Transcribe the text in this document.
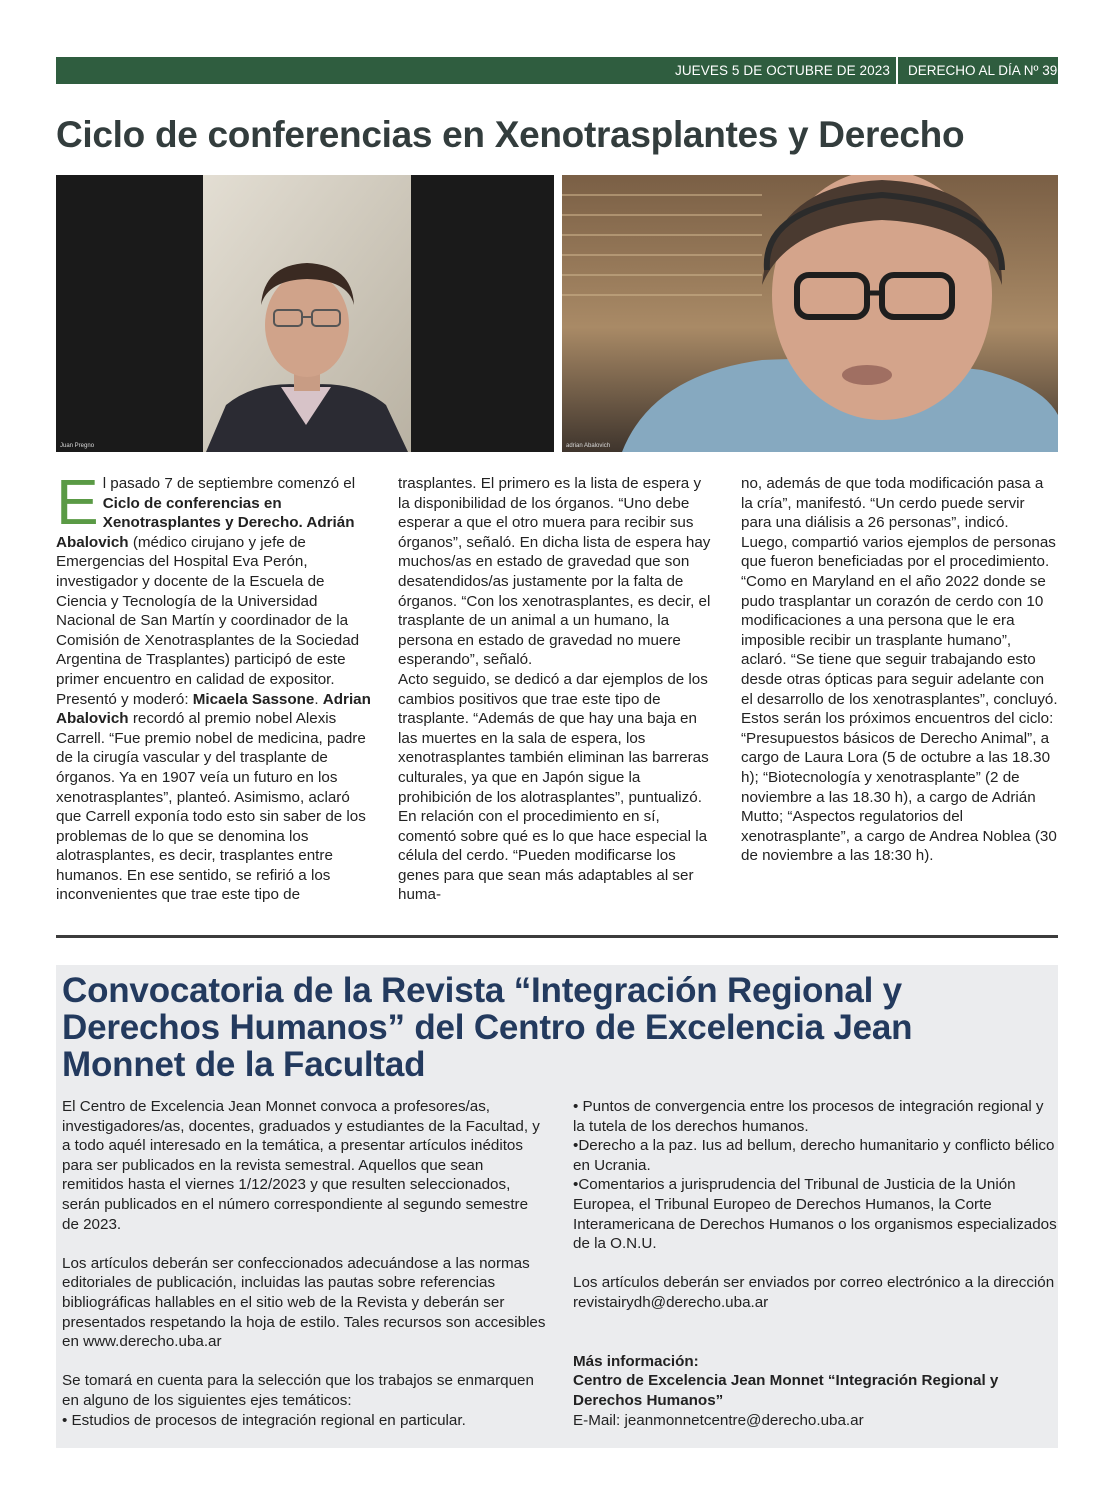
JUEVES 5 DE OCTUBRE DE 2023 DERECHO AL DÍA Nº 396	17
Ciclo de conferencias en Xenotrasplantes y Derecho
Juan Pregno	adrian Abalovich

El pasado 7 de septiembre comenzó el Ciclo de conferencias en Xenotrasplantes y Derecho. Adrián Abalovich (médico cirujano y jefe de Emergencias del Hospital Eva Perón, investigador y docente de la Escuela de Ciencia y Tecnología de la Universidad Nacional de San Martín y coordinador de la Comisión de Xenotrasplantes de la Sociedad Argentina de Trasplantes) participó de este primer encuentro en calidad de expositor. Presentó y moderó: Micaela Sassone. Adrian Abalovich recordó al premio nobel Alexis Carrell. “Fue premio nobel de medicina, padre de la cirugía vascular y del trasplante de órganos. Ya en 1907 veía un futuro en los xenotrasplantes”, planteó. Asimismo, aclaró que Carrell exponía todo esto sin saber de los problemas de lo que se denomina los alotrasplantes, es decir, trasplantes entre humanos. En ese sentido, se refirió a los inconvenientes que trae este tipo de

trasplantes. El primero es la lista de espera y la disponibilidad de los órganos. “Uno debe esperar a que el otro muera para recibir sus órganos”, señaló. En dicha lista de espera hay muchos/as en estado de gravedad que son desatendidos/as justamente por la falta de órganos. “Con los xenotrasplantes, es decir, el trasplante de un animal a un humano, la persona en estado de gravedad no muere esperando”, señaló.

Acto seguido, se dedicó a dar ejemplos de los cambios positivos que trae este tipo de trasplante. “Además de que hay una baja en las muertes en la sala de espera, los xenotrasplantes también eliminan las barreras culturales, ya que en Japón sigue la prohibición de los alotrasplantes”, puntualizó. En relación con el procedimiento en sí, comentó sobre qué es lo que hace especial la célula del cerdo. “Pueden modificarse los genes para que sean más adaptables al ser huma-

no, además de que toda modificación pasa a la cría”, manifestó. “Un cerdo puede servir para una diálisis a 26 personas”, indicó. Luego, compartió varios ejemplos de personas que fueron beneficiadas por el procedimiento. “Como en Maryland en el año 2022 donde se pudo trasplantar un corazón de cerdo con 10 modificaciones a una persona que le era imposible recibir un trasplante humano”, aclaró. “Se tiene que seguir trabajando esto desde otras ópticas para seguir adelante con el desarrollo de los xenotrasplantes”, concluyó.

Estos serán los próximos encuentros del ciclo: “Presupuestos básicos de Derecho Animal”, a cargo de Laura Lora (5 de octubre a las 18.30 h); “Biotecnología y xenotrasplante” (2 de noviembre a las 18.30 h), a cargo de Adrián Mutto; “Aspectos regulatorios del xenotrasplante”, a cargo de Andrea Noblea (30 de noviembre a las 18:30 h).

Convocatoria de la Revista “Integración Regional y Derechos Humanos” del Centro de Excelencia Jean Monnet de la Facultad

El Centro de Excelencia Jean Monnet convoca a profesores/as, investigadores/as, docentes, graduados y estudiantes de la Facultad, y a todo aquél interesado en la temática, a presentar artículos inéditos para ser publicados en la revista semestral. Aquellos que sean remitidos hasta el viernes 1/12/2023 y que resulten seleccionados, serán publicados en el número correspondiente al segundo semestre de 2023.

Los artículos deberán ser confeccionados adecuándose a las normas editoriales de publicación, incluidas las pautas sobre referencias bibliográficas hallables en el sitio web de la Revista y deberán ser presentados respetando la hoja de estilo. Tales recursos son accesibles en www.derecho.uba.ar

Se tomará en cuenta para la selección que los trabajos se enmarquen en alguno de los siguientes ejes temáticos:

• Estudios de procesos de integración regional en particular.

• Puntos de convergencia entre los procesos de integración regional y la tutela de los derechos humanos.

•Derecho a la paz. Ius ad bellum, derecho humanitario y conflicto bélico en Ucrania.

•Comentarios a jurisprudencia del Tribunal de Justicia de la Unión Europea, el Tribunal Europeo de Derechos Humanos, la Corte Interamericana de Derechos Humanos o los organismos especializados de la O.N.U.

Los artículos deberán ser enviados por correo electrónico a la dirección revistairydh@derecho.uba.ar

Más información:

Centro de Excelencia Jean Monnet “Integración Regional y Derechos Humanos”

E-Mail: jeanmonnetcentre@derecho.uba.ar
